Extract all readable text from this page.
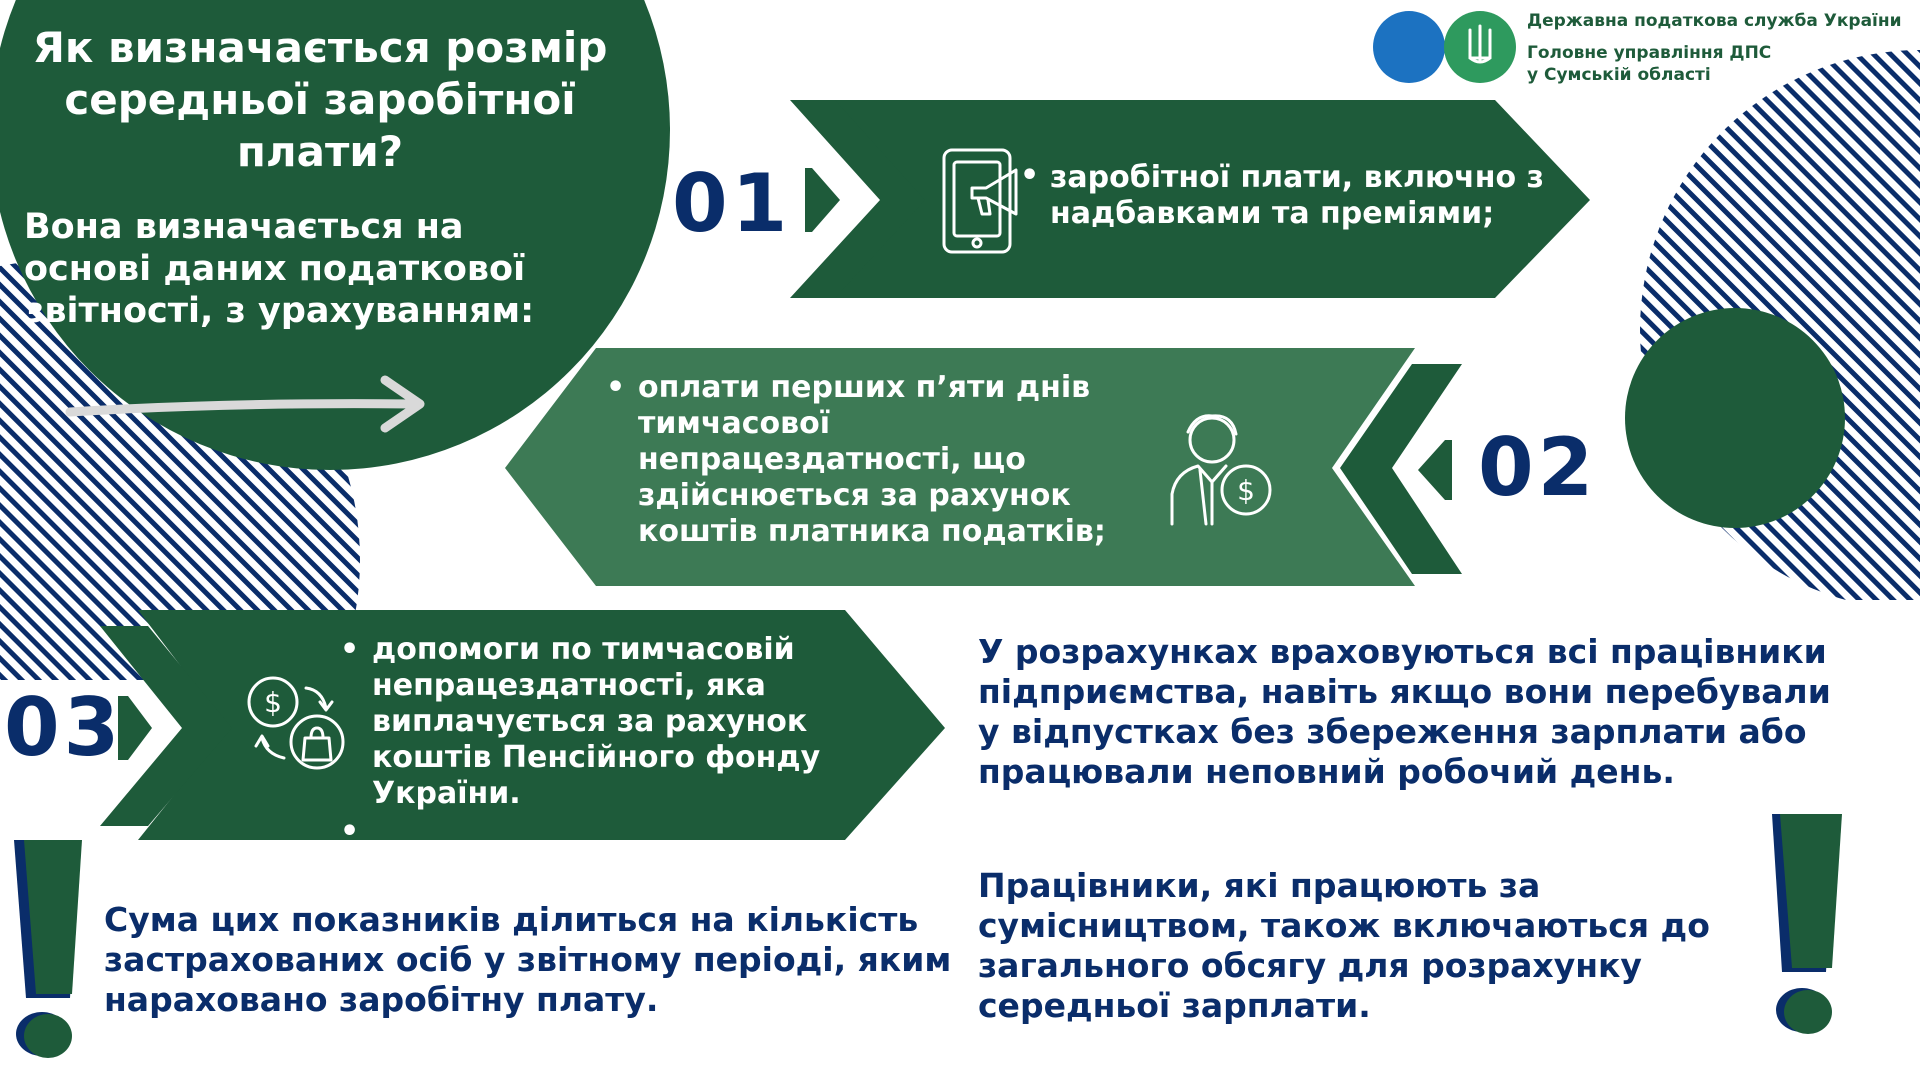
$
$
Як визначається розмір середньої заробітної плати?

Вона визначається на основі даних податкової звітності, з урахуванням:

Державна податкова служба України
Головне управління ДПС
у Сумській області
01
02
03
• заробітної плати, включно з надбавками та преміями;

• оплати перших п’яти днів тимчасової непрацездатності, що здійснюється за рахунок коштів платника податків;

• допомоги по тимчасовій непрацездатності, яка виплачується за рахунок коштів Пенсійного фонду України.

•

Сума цих показників ділиться на кількість застрахованих осіб у звітному періоді, яким нараховано заробітну плату.

У розрахунках враховуються всі працівники підприємства, навіть якщо вони перебували у відпустках без збереження зарплати або працювали неповний робочий день.

Працівники, які працюють за сумісництвом, також включаються до загального обсягу для розрахунку середньої зарплати.
